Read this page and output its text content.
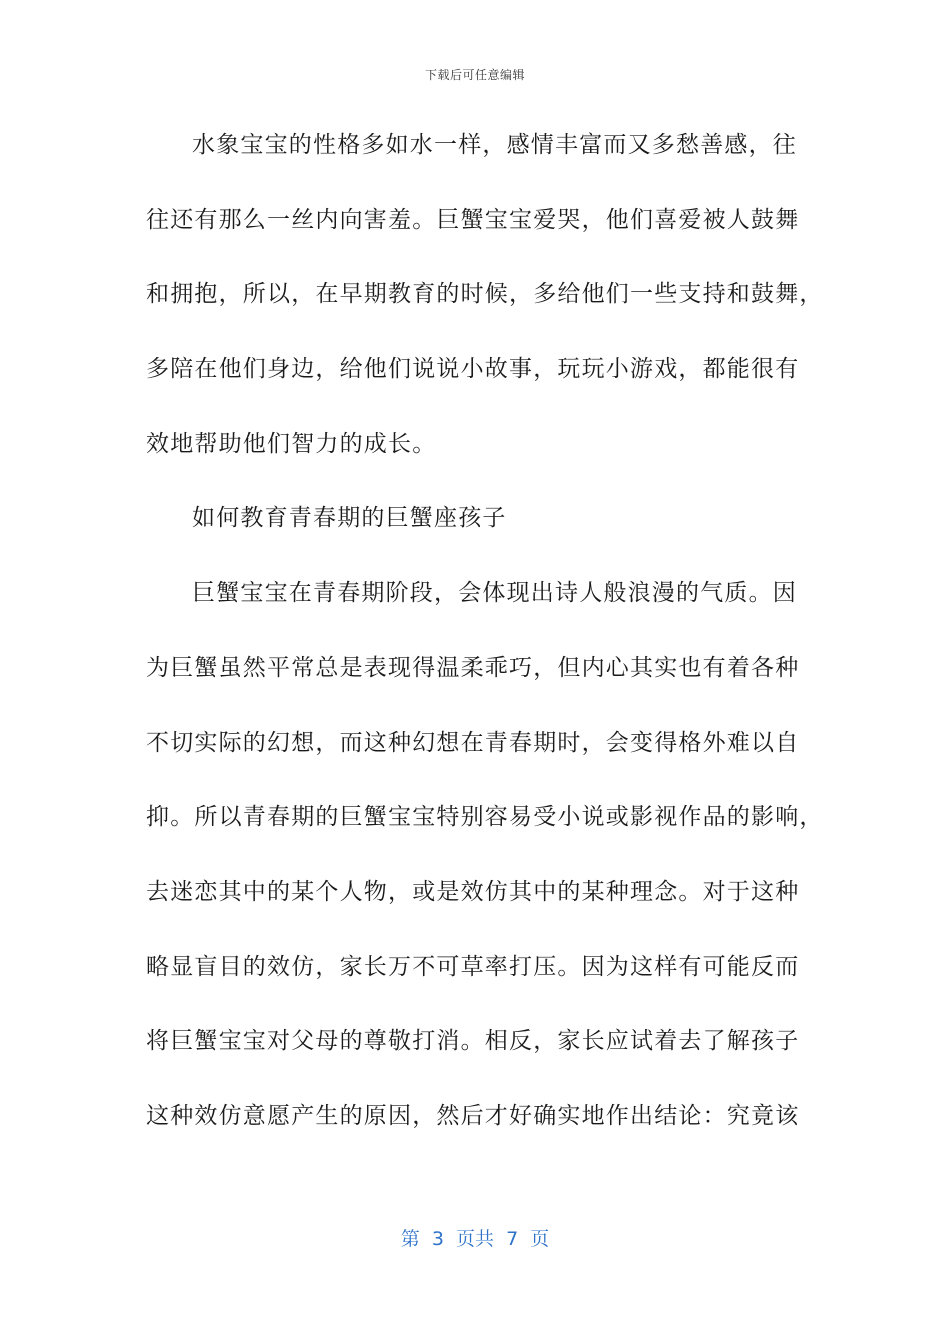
下载后可任意编辑
水象宝宝的性格多如水一样，感情丰富而又多愁善感，往
往还有那么一丝内向害羞。巨蟹宝宝爱哭，他们喜爱被人鼓舞
和拥抱，所以，在早期教育的时候，多给他们一些支持和鼓舞，
多陪在他们身边，给他们说说小故事，玩玩小游戏，都能很有
效地帮助他们智力的成长。
如何教育青春期的巨蟹座孩子
巨蟹宝宝在青春期阶段，会体现出诗人般浪漫的气质。因
为巨蟹虽然平常总是表现得温柔乖巧，但内心其实也有着各种
不切实际的幻想，而这种幻想在青春期时，会变得格外难以自
抑。所以青春期的巨蟹宝宝特别容易受小说或影视作品的影响，
去迷恋其中的某个人物，或是效仿其中的某种理念。对于这种
略显盲目的效仿，家长万不可草率打压。因为这样有可能反而
将巨蟹宝宝对父母的尊敬打消。相反，家长应试着去了解孩子
这种效仿意愿产生的原因，然后才好确实地作出结论：究竟该
第  3  页共  7  页
